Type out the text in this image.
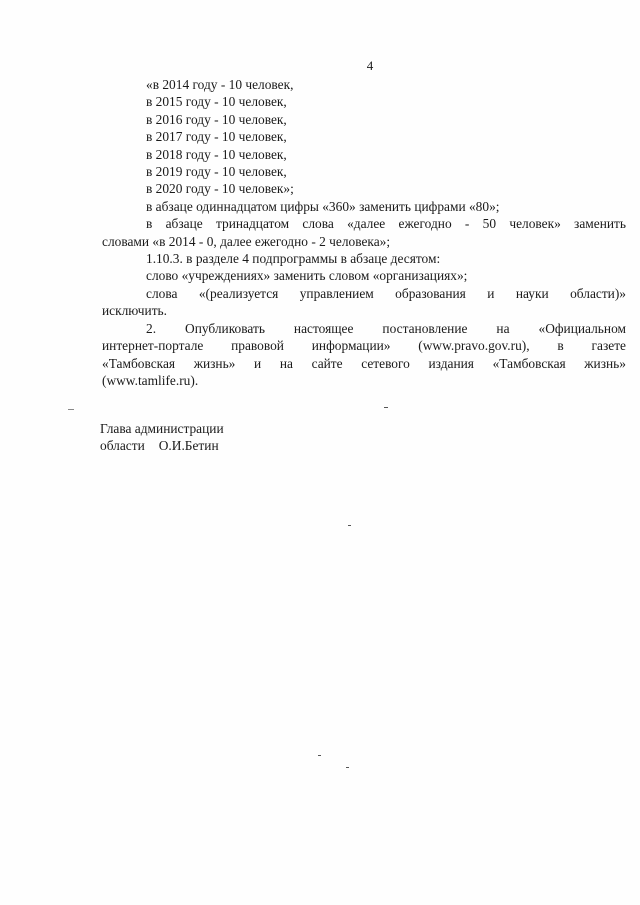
4
«в 2014 году - 10 человек,
в 2015 году - 10 человек,
в 2016 году - 10 человек,
в 2017 году - 10 человек,
в 2018 году - 10 человек,
в 2019 году - 10 человек,
в 2020 году - 10 человек»;
в абзаце одиннадцатом цифры «360» заменить цифрами «80»;
в абзаце тринадцатом слова «далее ежегодно - 50 человек» заменить
словами «в 2014 - 0, далее ежегодно - 2 человека»;
1.10.3. в разделе 4 подпрограммы в абзаце десятом:
слово «учреждениях» заменить словом «организациях»;
слова «(реализуется управлением образования и науки области)»
исключить.
2. Опубликовать настоящее постановление на «Официальном
интернет-портале правовой информации» (www.pravo.gov.ru), в газете
«Тамбовская жизнь» и на сайте сетевого издания «Тамбовская жизнь»
(www.tamlife.ru).
Глава администрации
области О.И.Бетин
